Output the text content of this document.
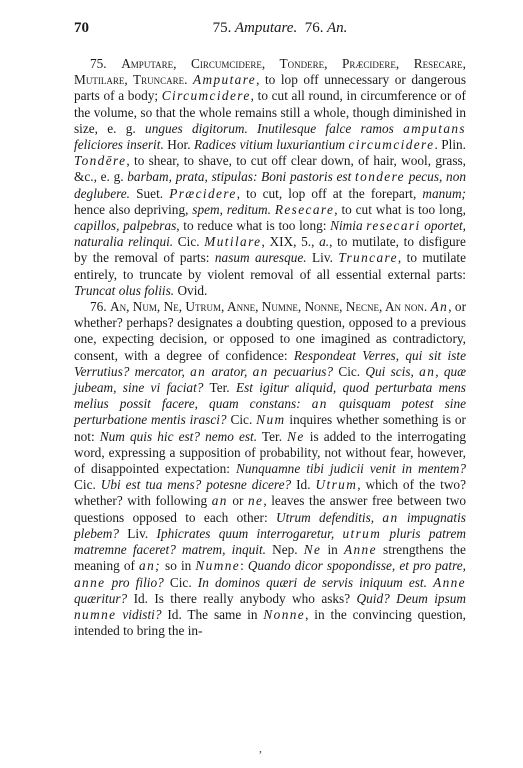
70	75. Amputare. 76. An.

75. Amputare, Circumcidere, Tondere, Præcidere, Resecare, Mutilare, Truncare. Amputare, to lop off unnecessary or dangerous parts of a body; Circumcidere, to cut all round, in circumference or of the volume, so that the whole remains still a whole, though diminished in size, e. g. ungues digitorum. Inutilesque falce ramos amputans feliciores inserit. Hor. Radices vitium luxuriantium circumcidere. Plin. Tondēre, to shear, to shave, to cut off clear down, of hair, wool, grass, &c., e. g. barbam, prata, stipulas: Boni pastoris est tondere pecus, non deglubere. Suet. Præcidere, to cut, lop off at the forepart, manum; hence also depriving, spem, reditum. Resecare, to cut what is too long, capillos, palpebras, to reduce what is too long: Nimia resecari oportet, naturalia relinqui. Cic. Mutilare, XIX, 5., a., to mutilate, to disfigure by the removal of parts: nasum auresque. Liv. Truncare, to mutilate entirely, to truncate by violent removal of all essential external parts: Truncat olus foliis. Ovid.

76. An, Num, Ne, Utrum, Anne, Numne, Nonne, Necne, An non. An, or whether? perhaps? designates a doubting question, opposed to a previous one, expecting decision, or opposed to one imagined as contradictory, consent, with a degree of confidence: Respondeat Verres, qui sit iste Verrutius? mercator, an arator, an pecuarius? Cic. Qui scis, an, quæ jubeam, sine vi faciat? Ter. Est igitur aliquid, quod perturbata mens melius possit facere, quam constans: an quisquam potest sine perturbatione mentis irasci? Cic. Num inquires whether something is or not: Num quis hic est? nemo est. Ter. Ne is added to the interrogating word, expressing a supposition of probability, not without fear, however, of disappointed expectation: Nunquamne tibi judicii venit in mentem? Cic. Ubi est tua mens? potesne dicere? Id. Utrum, which of the two? whether? with following an or ne, leaves the answer free between two questions opposed to each other: Utrum defenditis, an impugnatis plebem? Liv. Iphicrates quum interrogaretur, utrum pluris patrem matremne faceret? matrem, inquit. Nep. Ne in Anne strengthens the meaning of an; so in Numne: Quando dicor spopondisse, et pro patre, anne pro filio? Cic. In dominos quæri de servis iniquum est. Anne quæritur? Id. Is there really anybody who asks? Quid? Deum ipsum numne vidisti? Id. The same in Nonne, in the convincing question, intended to bring the in-

,
